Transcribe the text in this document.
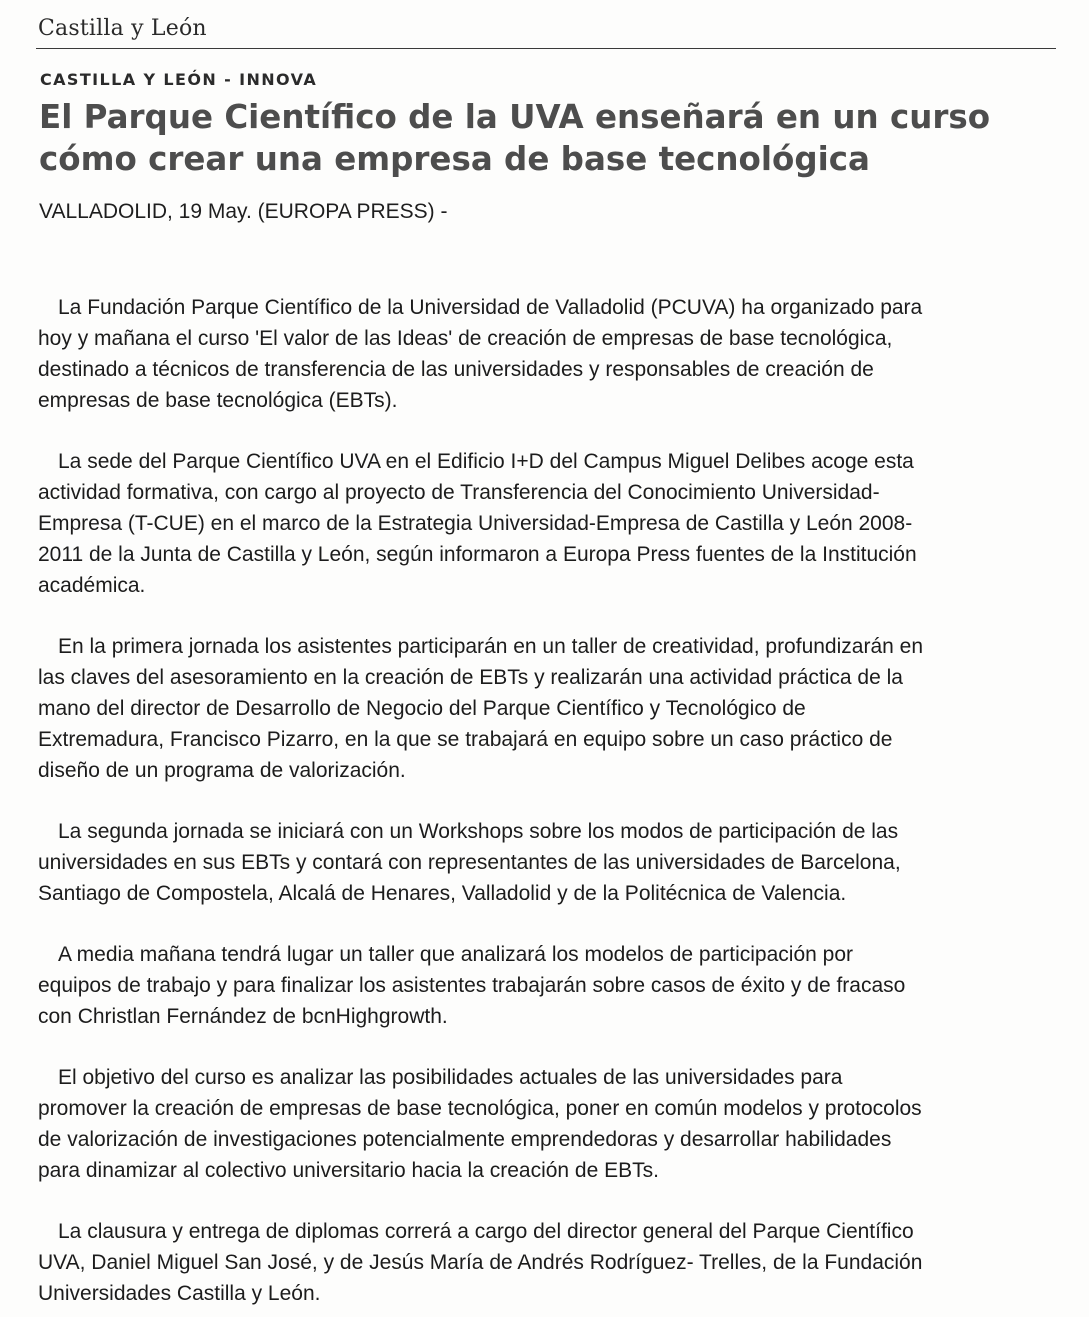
Castilla y León
CASTILLA Y LEÓN - INNOVA
El Parque Científico de la UVA enseñará en un curso
cómo crear una empresa de base tecnológica
VALLADOLID, 19 May. (EUROPA PRESS) -

La Fundación Parque Científico de la Universidad de Valladolid (PCUVA) ha organizado para
hoy y mañana el curso 'El valor de las Ideas' de creación de empresas de base tecnológica,
destinado a técnicos de transferencia de las universidades y responsables de creación de
empresas de base tecnológica (EBTs).

La sede del Parque Científico UVA en el Edificio I+D del Campus Miguel Delibes acoge esta
actividad formativa, con cargo al proyecto de Transferencia del Conocimiento Universidad-
Empresa (T-CUE) en el marco de la Estrategia Universidad-Empresa de Castilla y León 2008-
2011 de la Junta de Castilla y León, según informaron a Europa Press fuentes de la Institución
académica.

En la primera jornada los asistentes participarán en un taller de creatividad, profundizarán en
las claves del asesoramiento en la creación de EBTs y realizarán una actividad práctica de la
mano del director de Desarrollo de Negocio del Parque Científico y Tecnológico de
Extremadura, Francisco Pizarro, en la que se trabajará en equipo sobre un caso práctico de
diseño de un programa de valorización.

La segunda jornada se iniciará con un Workshops sobre los modos de participación de las
universidades en sus EBTs y contará con representantes de las universidades de Barcelona,
Santiago de Compostela, Alcalá de Henares, Valladolid y de la Politécnica de Valencia.

A media mañana tendrá lugar un taller que analizará los modelos de participación por
equipos de trabajo y para finalizar los asistentes trabajarán sobre casos de éxito y de fracaso
con Christlan Fernández de bcnHighgrowth.

El objetivo del curso es analizar las posibilidades actuales de las universidades para
promover la creación de empresas de base tecnológica, poner en común modelos y protocolos
de valorización de investigaciones potencialmente emprendedoras y desarrollar habilidades
para dinamizar al colectivo universitario hacia la creación de EBTs.

La clausura y entrega de diplomas correrá a cargo del director general del Parque Científico
UVA, Daniel Miguel San José, y de Jesús María de Andrés Rodríguez- Trelles, de la Fundación
Universidades Castilla y León.
